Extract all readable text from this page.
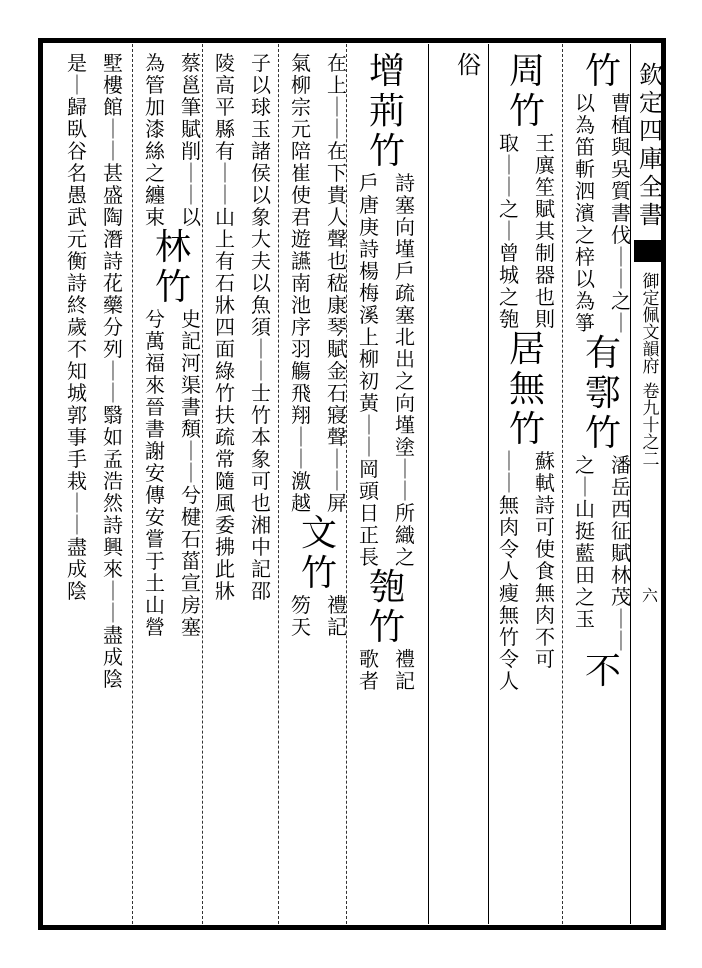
欽定四庫全書
御定佩文韻府
卷九十之二
六
竹
曹
植
與
吳
質
書
伐
｜
｜
之
｜
以
為
笛
斬
泗
濱
之
梓
以
為
箏
有
鄠
竹
潘
岳
西
征
賦
林
茂
｜
｜
之
｜
山
挺
藍
田
之
玉
不
周
竹
王
廙
笙
賦
其
制
器
也
則
取
｜
｜
之
｜
曾
城
之
匏
居
無
竹
蘇
軾
詩
可
使
食
無
肉
不
可
｜
｜
無
肉
令
人
瘦
無
竹
令
人
俗
增
荊
竹
詩
塞
向
墐
戶
疏
塞
北
出
之
向
墐
塗
｜
｜
所
織
之
戶
唐
庚
詩
楊
梅
溪
上
柳
初
黃
｜
｜
岡
頭
日
正
長
匏
竹
禮
記
歌
者
在
上
｜
｜
在
下
貴
人
聲
也
嵇
康
琴
賦
金
石
寢
聲
｜
｜
屏
氣
柳
宗
元
陪
崔
使
君
遊
讌
南
池
序
羽
觴
飛
翔
｜
｜
激
越
文
竹
禮
記
笏
天
子
以
球
玉
諸
侯
以
象
大
夫
以
魚
須
｜
｜
士
竹
本
象
可
也
湘
中
記
邵
陵
高
平
縣
有
｜
｜
山
上
有
石
牀
四
面
綠
竹
扶
疏
常
隨
風
委
拂
此
牀
蔡
邕
筆
賦
削
｜
｜
以
為
管
加
漆
絲
之
纏
束
林
竹
史
記
河
渠
書
頽
｜
｜
兮
楗
石
菑
宣
房
塞
兮
萬
福
來
晉
書
謝
安
傳
安
嘗
于
土
山
營
墅
樓
館
｜
｜
甚
盛
陶
潛
詩
花
藥
分
列
｜
｜
翳
如
孟
浩
然
詩
興
來
｜
｜
盡
成
陰
是
｜
歸
臥
谷
名
愚
武
元
衡
詩
終
歲
不
知
城
郭
事
手
栽
｜
｜
盡
成
陰
